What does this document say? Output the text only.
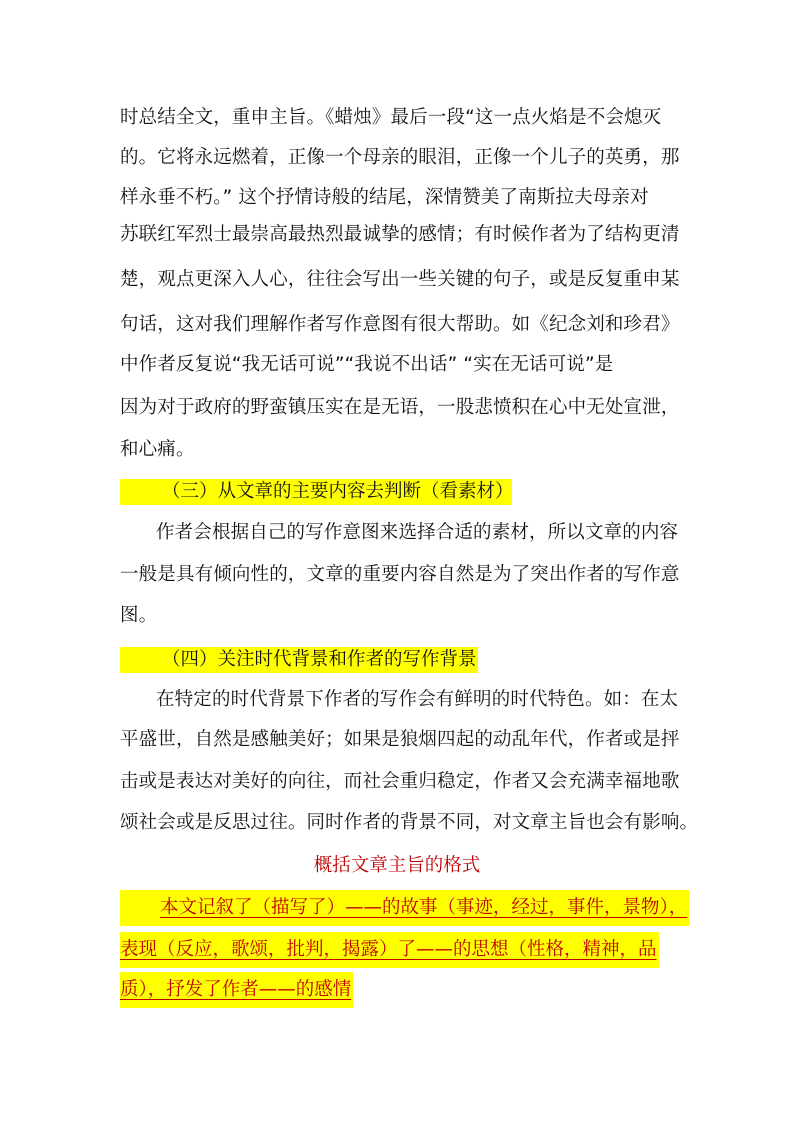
时总结全文，重申主旨。《蜡烛》最后一段“这一点火焰是不会熄灭
的。它将永远燃着，正像一个母亲的眼泪，正像一个儿子的英勇，那
样永垂不朽。” 这个抒情诗般的结尾，深情赞美了南斯拉夫母亲对
苏联红军烈士最崇高最热烈最诚挚的感情；有时候作者为了结构更清
楚，观点更深入人心，往往会写出一些关键的句子，或是反复重申某
句话，这对我们理解作者写作意图有很大帮助。如《纪念刘和珍君》
中作者反复说“我无话可说”“我说不出话” “实在无话可说”是
因为对于政府的野蛮镇压实在是无语，一股悲愤积在心中无处宣泄，
和心痛。
（三）从文章的主要内容去判断（看素材）
作者会根据自己的写作意图来选择合适的素材，所以文章的内容
一般是具有倾向性的，文章的重要内容自然是为了突出作者的写作意
图。
（四）关注时代背景和作者的写作背景
在特定的时代背景下作者的写作会有鲜明的时代特色。如：在太
平盛世，自然是感触美好；如果是狼烟四起的动乱年代，作者或是抨
击或是表达对美好的向往，而社会重归稳定，作者又会充满幸福地歌
颂社会或是反思过往。同时作者的背景不同，对文章主旨也会有影响。
概括文章主旨的格式
本文记叙了（描写了）——的故事（事迹，经过，事件，景物），
表现（反应，歌颂，批判，揭露）了——的思想（性格，精神，品
质），抒发了作者——的感情
